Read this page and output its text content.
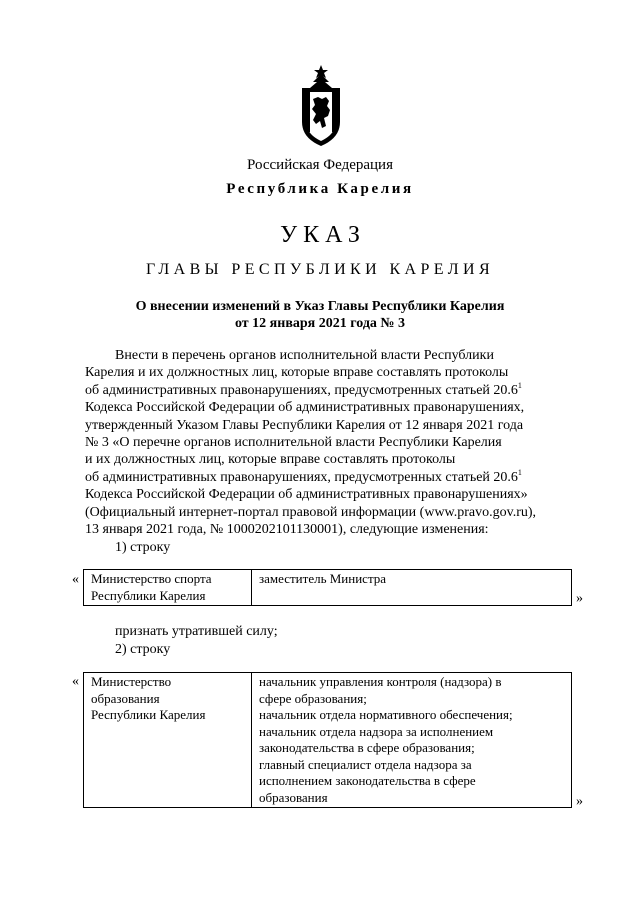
Российская Федерация
Республика Карелия
УКАЗ
ГЛАВЫ РЕСПУБЛИКИ КАРЕЛИЯ
О внесении изменений в Указ Главы Республики Карелия
от 12 января 2021 года № 3
Внести в перечень органов исполнительной власти Республики
Карелия и их должностных лиц, которые вправе составлять протоколы
об административных правонарушениях, предусмотренных статьей 20.6$^1$
Кодекса Российской Федерации об административных правонарушениях,
утвержденный Указом Главы Республики Карелия от 12 января 2021 года
№ 3 «О перечне органов исполнительной власти Республики Карелия
и их должностных лиц, которые вправе составлять протоколы
об административных правонарушениях, предусмотренных статьей 20.6$^1$
Кодекса Российской Федерации об административных правонарушениях»
(Официальный интернет-портал правовой информации (www.pravo.gov.ru),
13 января 2021 года, № 1000202101130001), следующие изменения:
1) строку
« Министерство спорта
Республики Карелия

заместитель Министра
»
признать утратившей силу;
2) строку
« Министерство
образования
Республики Карелия

начальник управления контроля (надзора) в
сфере образования;
начальник отдела нормативного обеспечения;
начальник отдела надзора за исполнением
законодательства в сфере образования;
главный специалист отдела надзора за
исполнением законодательства в сфере
образования	»
